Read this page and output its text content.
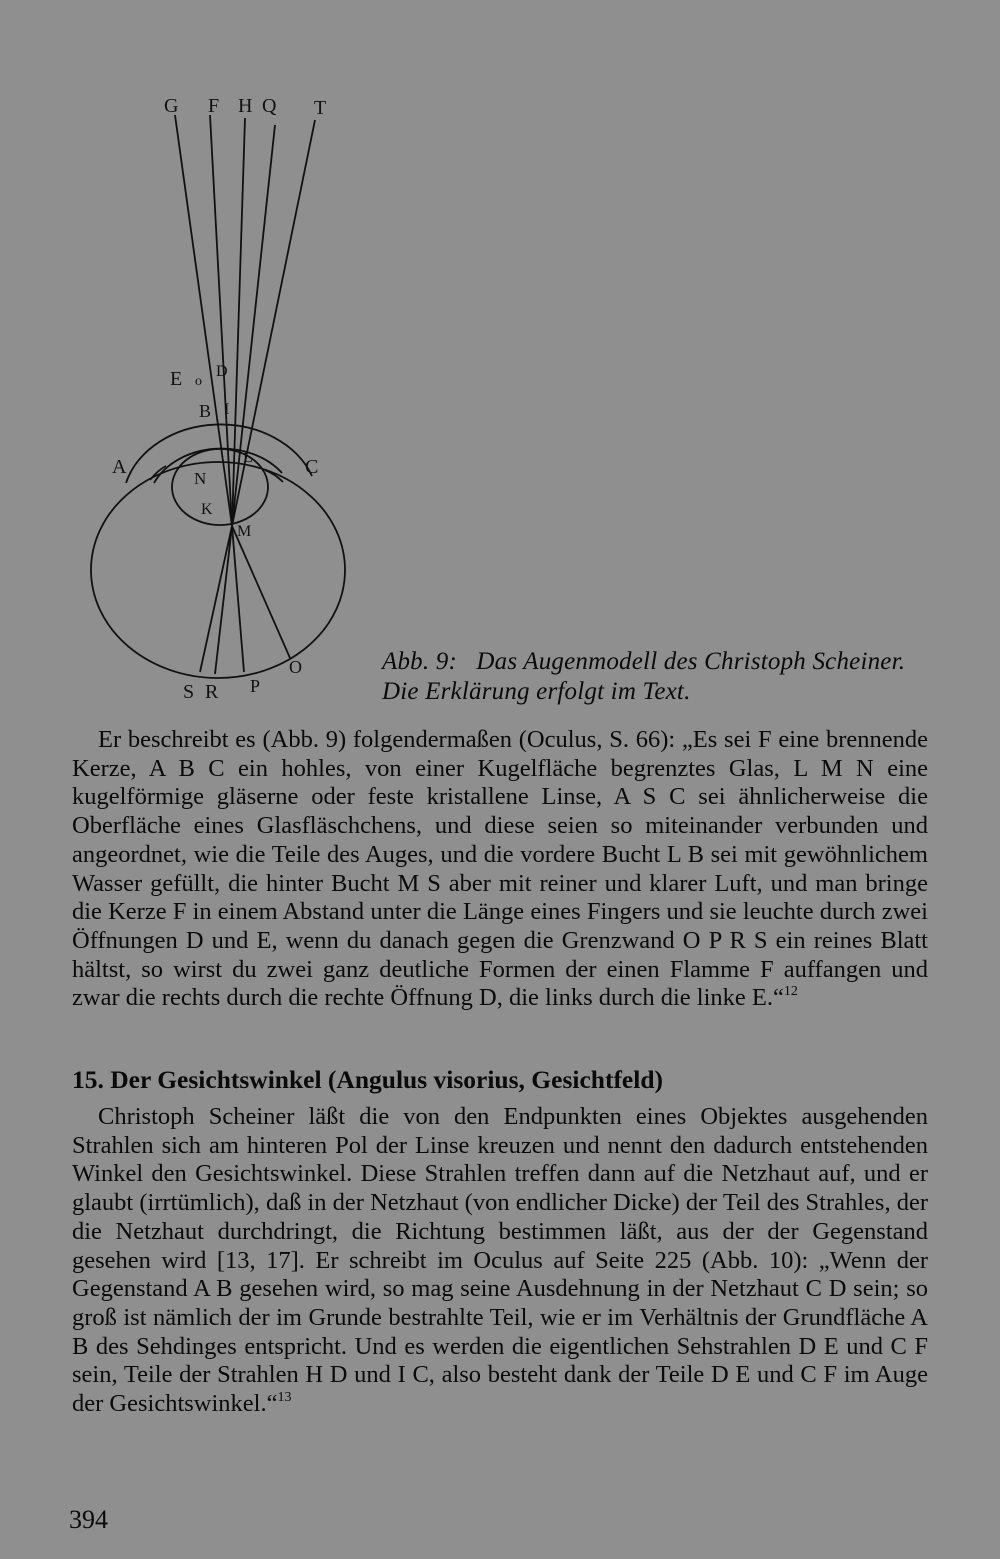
G F H Q T
E o
D
B I
A	C
N
L
K
M
O
P
S R
Abb. 9: Das Augenmodell des Christoph Scheiner. Die Erklärung erfolgt im Text.

Er beschreibt es (Abb. 9) folgendermaßen (Oculus, S. 66): „Es sei F eine brennende Kerze, A B C ein hohles, von einer Kugelfläche begrenztes Glas, L M N eine kugelförmige gläserne oder feste kristallene Linse, A S C sei ähnlicherweise die Oberfläche eines Glasfläschchens, und diese seien so miteinander verbunden und angeordnet, wie die Teile des Auges, und die vordere Bucht L B sei mit gewöhnlichem Wasser gefüllt, die hinter Bucht M S aber mit reiner und klarer Luft, und man bringe die Kerze F in einem Abstand unter die Länge eines Fingers und sie leuchte durch zwei Öffnungen D und E, wenn du danach gegen die Grenzwand O P R S ein reines Blatt hältst, so wirst du zwei ganz deutliche Formen der einen Flamme F auffangen und zwar die rechts durch die rechte Öffnung D, die links durch die linke E.“$^{12}$

15. Der Gesichtswinkel (Angulus visorius, Gesichtfeld)

Christoph Scheiner läßt die von den Endpunkten eines Objektes ausgehenden Strahlen sich am hinteren Pol der Linse kreuzen und nennt den dadurch entstehenden Winkel den Gesichtswinkel. Diese Strahlen treffen dann auf die Netzhaut auf, und er glaubt (irrtümlich), daß in der Netzhaut (von endlicher Dicke) der Teil des Strahles, der die Netzhaut durchdringt, die Richtung bestimmen läßt, aus der der Gegenstand gesehen wird [13, 17]. Er schreibt im Oculus auf Seite 225 (Abb. 10): „Wenn der Gegenstand A B gesehen wird, so mag seine Ausdehnung in der Netzhaut C D sein; so groß ist nämlich der im Grunde bestrahlte Teil, wie er im Verhältnis der Grundfläche A B des Sehdinges entspricht. Und es werden die eigentlichen Sehstrahlen D E und C F sein, Teile der Strahlen H D und I C, also besteht dank der Teile D E und C F im Auge der Gesichtswinkel.“$^{13}$

394
